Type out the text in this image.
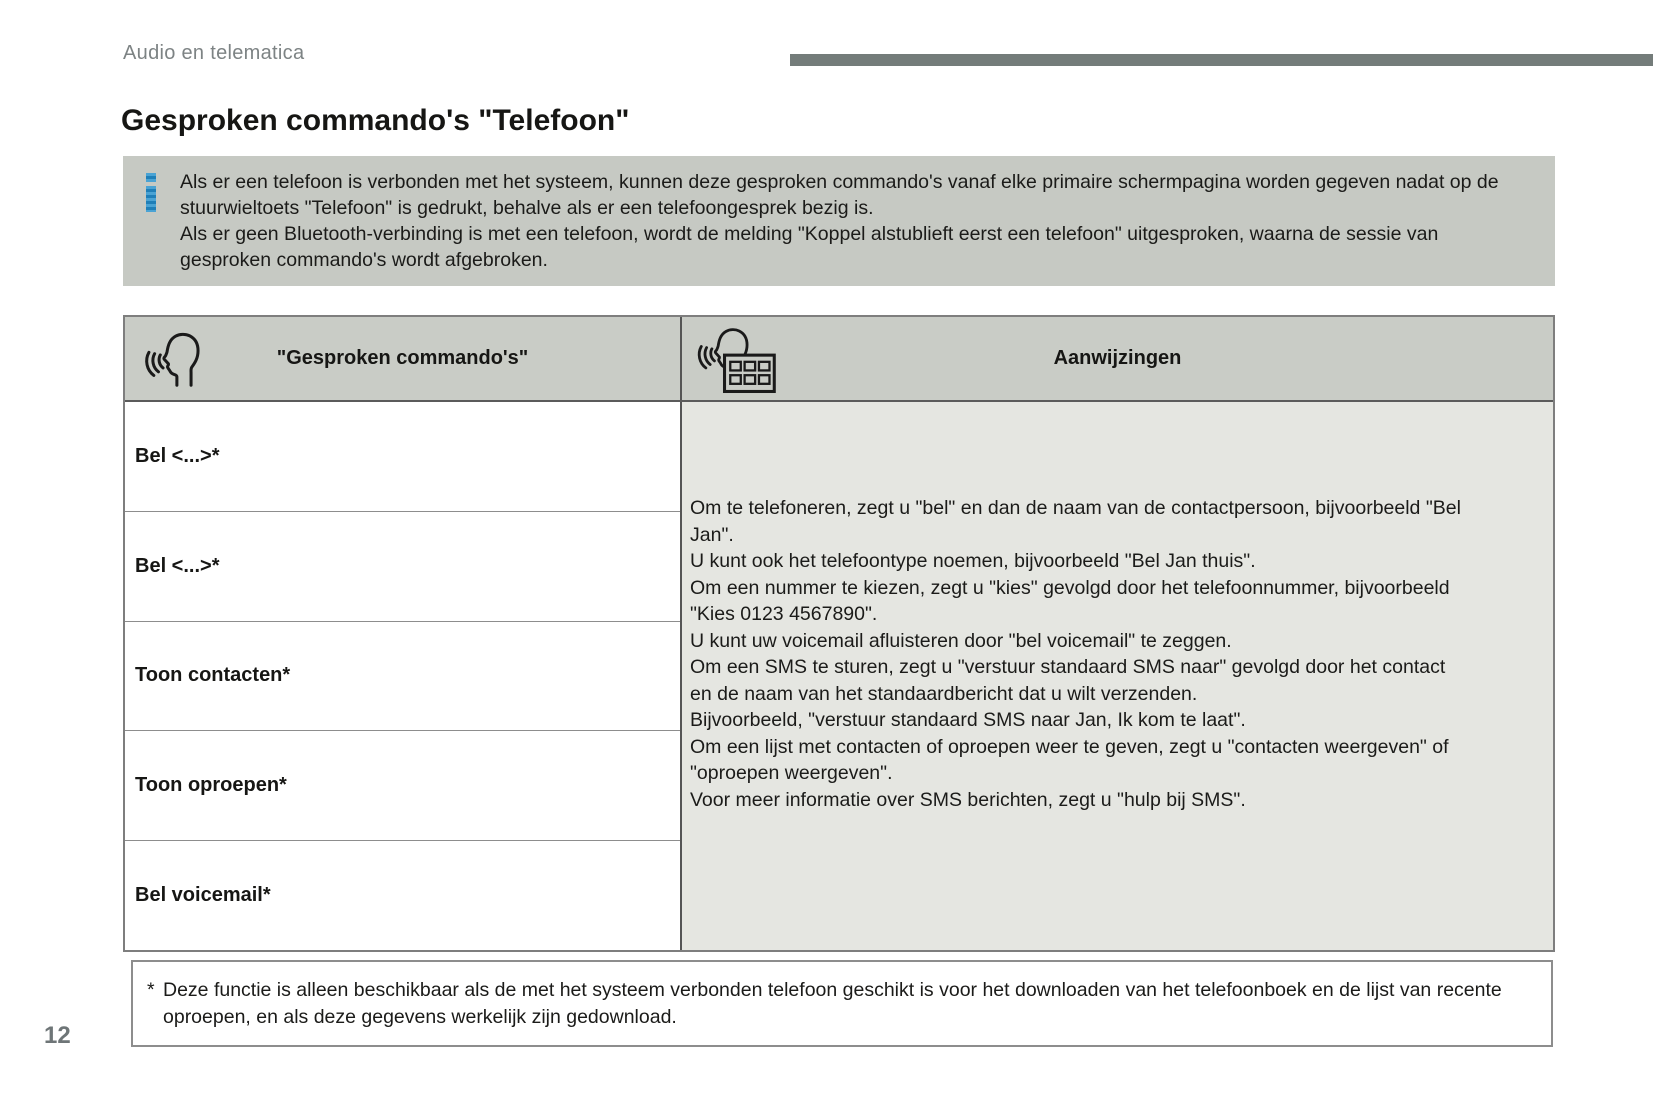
Audio en telematica
Gesproken commando's "Telefoon"

Als er een telefoon is verbonden met het systeem, kunnen deze gesproken commando's vanaf elke primaire schermpagina worden gegeven nadat op de stuurwieltoets "Telefoon" is gedrukt, behalve als er een telefoongesprek bezig is.

Als er geen Bluetooth-verbinding is met een telefoon, wordt de melding "Koppel alstublieft eerst een telefoon" uitgesproken, waarna de sessie van gesproken commando's wordt afgebroken.

"Gesproken commando's"	Aanwijzingen
Bel <...>*
Bel <...>*
Toon contacten*
Toon oproepen*
Bel voicemail*

Om te telefoneren, zegt u "bel" en dan de naam van de contactpersoon, bijvoorbeeld "Bel Jan".

U kunt ook het telefoontype noemen, bijvoorbeeld "Bel Jan thuis".

Om een nummer te kiezen, zegt u "kies" gevolgd door het telefoonnummer, bijvoorbeeld "Kies 0123 4567890".

U kunt uw voicemail afluisteren door "bel voicemail" te zeggen.

Om een SMS te sturen, zegt u "verstuur standaard SMS naar" gevolgd door het contact en de naam van het standaardbericht dat u wilt verzenden.

Bijvoorbeeld, "verstuur standaard SMS naar Jan, Ik kom te laat".

Om een lijst met contacten of oproepen weer te geven, zegt u "contacten weergeven" of "oproepen weergeven".

Voor meer informatie over SMS berichten, zegt u "hulp bij SMS".

* Deze functie is alleen beschikbaar als de met het systeem verbonden telefoon geschikt is voor het downloaden van het telefoonboek en de lijst van recente oproepen, en als deze gegevens werkelijk zijn gedownload.
12
